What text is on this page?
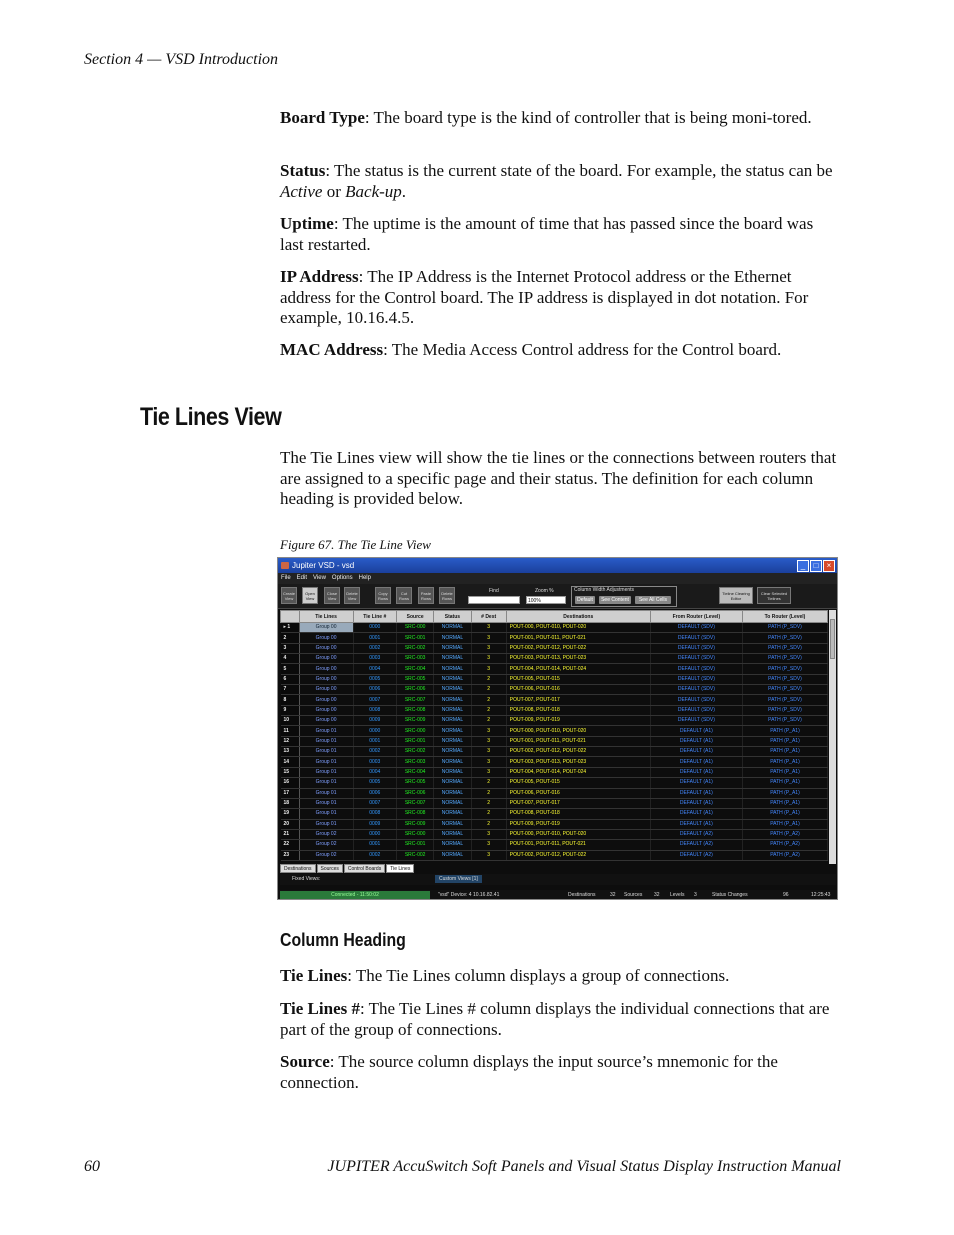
Section 4 — VSD Introduction
Board Type: The board type is the kind of controller that is being moni-tored.
Status: The status is the current state of the board. For example, the status can be Active or Back-up.
Uptime: The uptime is the amount of time that has passed since the board was last restarted.
IP Address: The IP Address is the Internet Protocol address or the Ethernet address for the Control board. The IP address is displayed in dot notation. For example, 10.16.4.5.
MAC Address: The Media Access Control address for the Control board.
Tie Lines View
The Tie Lines view will show the tie lines or the connections between routers that are assigned to a specific page and their status. The definition for each column heading is provided below.
Figure 67. The Tie Line View
Jupiter VSD - vsd	_	□	×
File Edit View Options Help
Create View
Open View
Close View
Delete View
Copy Rows
Cut Rows
Paste Rows
Delete Rows
Find	Zoom %
100%
Column Width Adjustments
Default	See Content	See All Cells
Tieline Clearing Editor
Clear Selected Tielines
	Tie Lines	Tie Line #	Source	Status	# Dest	Destinations	From Router (Level)	To Router (Level)
▸ 1	Group 00	0000	SRC-000	NORMAL	3	POUT-000, POUT-010, POUT-020	DEFAULT (SDV)	PATH (P_SDV)
2	Group 00	0001	SRC-001	NORMAL	3	POUT-001, POUT-011, POUT-021	DEFAULT (SDV)	PATH (P_SDV)
3	Group 00	0002	SRC-002	NORMAL	3	POUT-002, POUT-012, POUT-022	DEFAULT (SDV)	PATH (P_SDV)
4	Group 00	0003	SRC-003	NORMAL	3	POUT-003, POUT-013, POUT-023	DEFAULT (SDV)	PATH (P_SDV)
5	Group 00	0004	SRC-004	NORMAL	3	POUT-004, POUT-014, POUT-024	DEFAULT (SDV)	PATH (P_SDV)
6	Group 00	0005	SRC-005	NORMAL	2	POUT-005, POUT-015	DEFAULT (SDV)	PATH (P_SDV)
7	Group 00	0006	SRC-006	NORMAL	2	POUT-006, POUT-016	DEFAULT (SDV)	PATH (P_SDV)
8	Group 00	0007	SRC-007	NORMAL	2	POUT-007, POUT-017	DEFAULT (SDV)	PATH (P_SDV)
9	Group 00	0008	SRC-008	NORMAL	2	POUT-008, POUT-018	DEFAULT (SDV)	PATH (P_SDV)
10	Group 00	0009	SRC-009	NORMAL	2	POUT-009, POUT-019	DEFAULT (SDV)	PATH (P_SDV)
11	Group 01	0000	SRC-000	NORMAL	3	POUT-000, POUT-010, POUT-020	DEFAULT (A1)	PATH (P_A1)
12	Group 01	0001	SRC-001	NORMAL	3	POUT-001, POUT-011, POUT-021	DEFAULT (A1)	PATH (P_A1)
13	Group 01	0002	SRC-002	NORMAL	3	POUT-002, POUT-012, POUT-022	DEFAULT (A1)	PATH (P_A1)
14	Group 01	0003	SRC-003	NORMAL	3	POUT-003, POUT-013, POUT-023	DEFAULT (A1)	PATH (P_A1)
15	Group 01	0004	SRC-004	NORMAL	3	POUT-004, POUT-014, POUT-024	DEFAULT (A1)	PATH (P_A1)
16	Group 01	0005	SRC-005	NORMAL	2	POUT-005, POUT-015	DEFAULT (A1)	PATH (P_A1)
17	Group 01	0006	SRC-006	NORMAL	2	POUT-006, POUT-016	DEFAULT (A1)	PATH (P_A1)
18	Group 01	0007	SRC-007	NORMAL	2	POUT-007, POUT-017	DEFAULT (A1)	PATH (P_A1)
19	Group 01	0008	SRC-008	NORMAL	2	POUT-008, POUT-018	DEFAULT (A1)	PATH (P_A1)
20	Group 01	0009	SRC-009	NORMAL	2	POUT-009, POUT-019	DEFAULT (A1)	PATH (P_A1)
21	Group 02	0000	SRC-000	NORMAL	3	POUT-000, POUT-010, POUT-020	DEFAULT (A2)	PATH (P_A2)
22	Group 02	0001	SRC-001	NORMAL	3	POUT-001, POUT-011, POUT-021	DEFAULT (A2)	PATH (P_A2)
23	Group 02	0002	SRC-002	NORMAL	3	POUT-002, POUT-012, POUT-022	DEFAULT (A2)	PATH (P_A2)
Destinations	Sources	Control Boards	Tie Lines
Fixed Views:	Custom Views [1]
Connected - 11:50:02	"vsd" Device: 4 10.16.82.41	Destinations	32 Sources 32 Levels 3	Status Changes	96	12:25:43
Column Heading
Tie Lines: The Tie Lines column displays a group of connections.
Tie Lines #: The Tie Lines # column displays the individual connections that are part of the group of connections.
Source: The source column displays the input source’s mnemonic for the connection.
60	JUPITER AccuSwitch Soft Panels and Visual Status Display Instruction Manual
